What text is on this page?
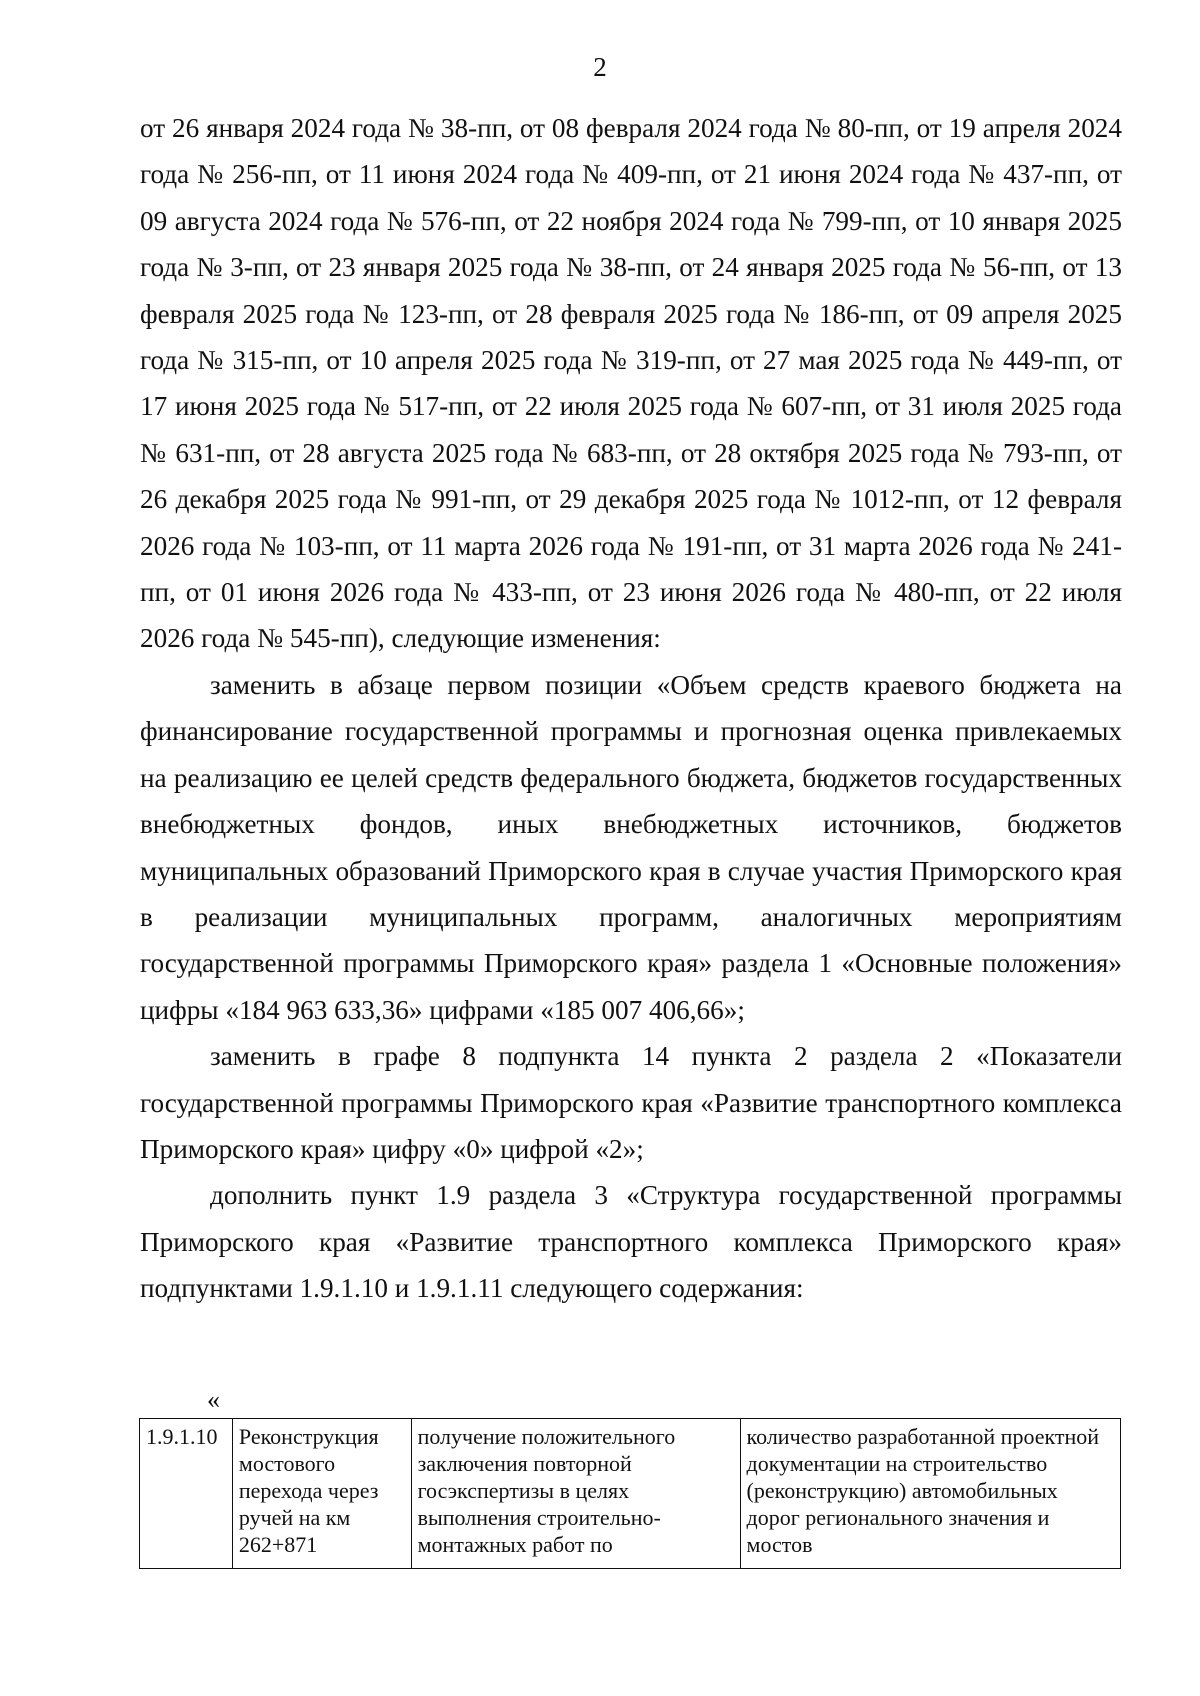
2

от 26 января 2024 года № 38-пп, от 08 февраля 2024 года № 80-пп, от 19 апреля 2024 года № 256-пп, от 11 июня 2024 года № 409-пп, от 21 июня 2024 года № 437-пп, от 09 августа 2024 года № 576-пп, от 22 ноября 2024 года № 799-пп, от 10 января 2025 года № 3-пп, от 23 января 2025 года № 38-пп, от 24 января 2025 года № 56-пп, от 13 февраля 2025 года № 123-пп, от 28 февраля 2025 года № 186-пп, от 09 апреля 2025 года № 315-пп, от 10 апреля 2025 года № 319-пп, от 27 мая 2025 года № 449-пп, от 17 июня 2025 года № 517-пп, от 22 июля 2025 года № 607-пп, от 31 июля 2025 года № 631-пп, от 28 августа 2025 года № 683-пп, от 28 октября 2025 года № 793-пп, от 26 декабря 2025 года № 991-пп, от 29 декабря 2025 года № 1012-пп, от 12 февраля 2026 года № 103-пп, от 11 марта 2026 года № 191-пп, от 31 марта 2026 года № 241-пп, от 01 июня 2026 года № 433-пп, от 23 июня 2026 года № 480-пп, от 22 июля 2026 года № 545-пп), следующие изменения:

заменить в абзаце первом позиции «Объем средств краевого бюджета на финансирование государственной программы и прогнозная оценка привлекаемых на реализацию ее целей средств федерального бюджета, бюджетов государственных внебюджетных фондов, иных внебюджетных источников, бюджетов муниципальных образований Приморского края в случае участия Приморского края в реализации муниципальных программ, аналогичных мероприятиям государственной программы Приморского края» раздела 1 «Основные положения» цифры «184 963 633,36» цифрами «185 007 406,66»;

заменить в графе 8 подпункта 14 пункта 2 раздела 2 «Показатели государственной программы Приморского края «Развитие транспортного комплекса Приморского края» цифру «0» цифрой «2»;

дополнить пункт 1.9 раздела 3 «Структура государственной программы Приморского края «Развитие транспортного комплекса Приморского края» подпунктами 1.9.1.10 и 1.9.1.11 следующего содержания:

«
1.9.1.10	Реконструкция мостового перехода через ручей на км 262+871	получение положительного заключения повторной госэкспертизы в целях выполнения строительно-монтажных работ по	количество разработанной проектной документации на строительство (реконструкцию) автомобильных дорог регионального значения и мостов
